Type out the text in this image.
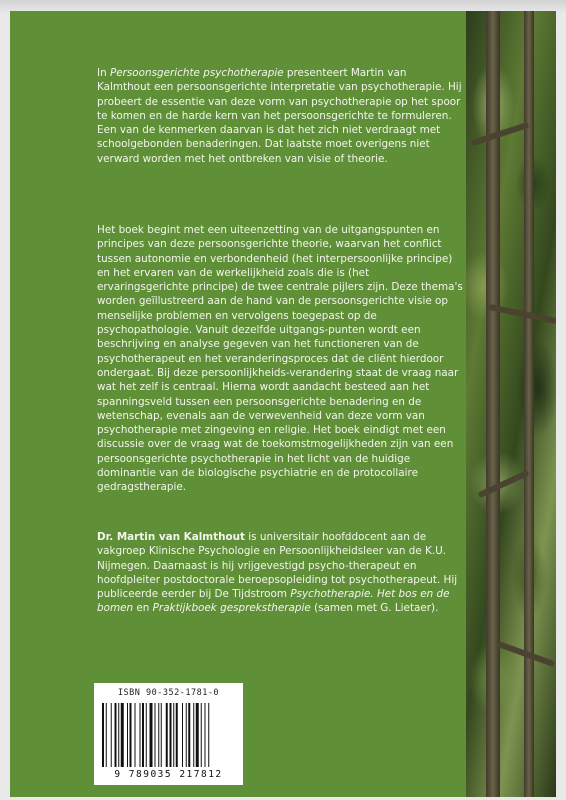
In Persoonsgerichte psychotherapie presenteert Martin van Kalmthout een persoonsgerichte interpretatie van psychotherapie. Hij probeert de essentie van deze vorm van psychotherapie op het spoor te komen en de harde kern van het persoonsgerichte te formuleren. Een van de kenmerken daarvan is dat het zich niet verdraagt met schoolgebonden benaderingen. Dat laatste moet overigens niet verward worden met het ontbreken van visie of theorie.

Het boek begint met een uiteenzetting van de uitgangspunten en principes van deze persoonsgerichte theorie, waarvan het conflict tussen autonomie en verbondenheid (het interpersoonlijke principe) en het ervaren van de werkelijkheid zoals die is (het ervaringsgerichte principe) de twee centrale pijlers zijn. Deze thema's worden geïllustreerd aan de hand van de persoonsgerichte visie op menselijke problemen en vervolgens toegepast op de psychopathologie. Vanuit dezelfde uitgangs-punten wordt een beschrijving en analyse gegeven van het functioneren van de psychotherapeut en het veranderingsproces dat de cliënt hierdoor ondergaat. Bij deze persoonlijkheids-verandering staat de vraag naar wat het zelf is centraal. Hierna wordt aandacht besteed aan het spanningsveld tussen een persoonsgerichte benadering en de wetenschap, evenals aan de verwevenheid van deze vorm van psychotherapie met zingeving en religie. Het boek eindigt met een discussie over de vraag wat de toekomstmogelijkheden zijn van een persoonsgerichte psychotherapie in het licht van de huidige dominantie van de biologische psychiatrie en de protocollaire gedragstherapie.

Dr. Martin van Kalmthout is universitair hoofddocent aan de vakgroep Klinische Psychologie en Persoonlijkheidsleer van de K.U. Nijmegen. Daarnaast is hij vrijgevestigd psycho-therapeut en hoofdpleiter postdoctorale beroepsopleiding tot psychotherapeut. Hij publiceerde eerder bij De Tijdstroom Psychotherapie. Het bos en de bomen en Praktijkboek gesprekstherapie (samen met G. Lietaer).

ISBN 90-352-1781-0
9 789035 217812
